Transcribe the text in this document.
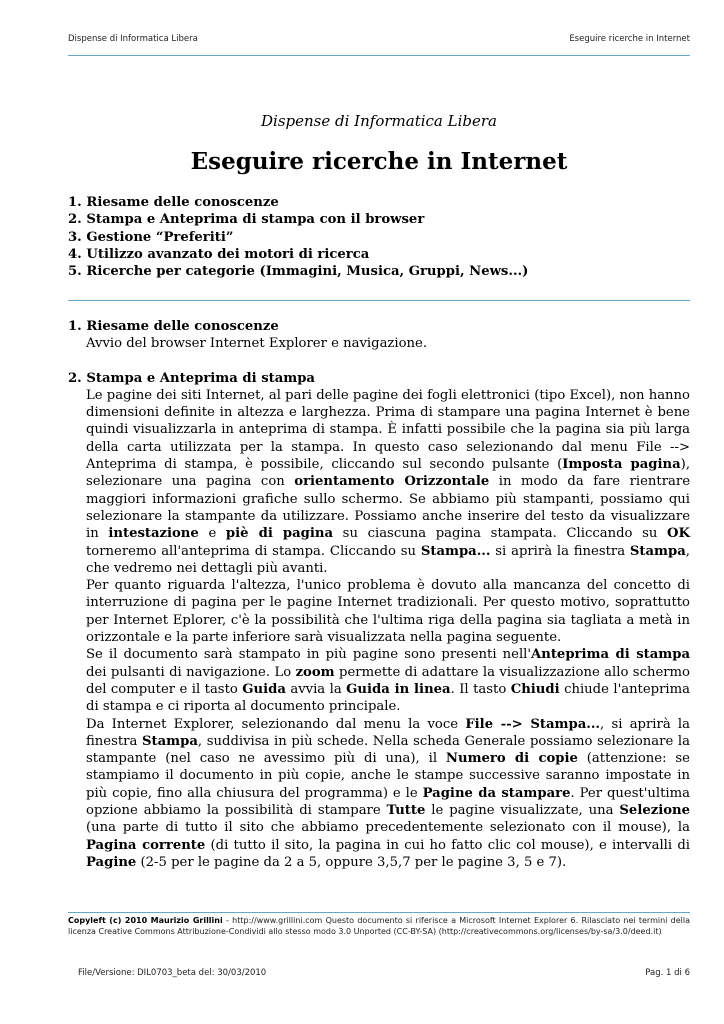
Dispense di Informatica Libera	Eseguire ricerche in Internet
Dispense di Informatica Libera
Eseguire ricerche in Internet
1. Riesame delle conoscenze
2. Stampa e Anteprima di stampa con il browser
3. Gestione “Preferiti”
4. Utilizzo avanzato dei motori di ricerca
5. Ricerche per categorie (Immagini, Musica, Gruppi, News...)
1. Riesame delle conoscenze
Avvio del browser Internet Explorer e navigazione.
2. Stampa e Anteprima di stampa

Le pagine dei siti Internet, al pari delle pagine dei fogli elettronici (tipo Excel), non hanno dimensioni definite in altezza e larghezza. Prima di stampare una pagina Internet è bene quindi visualizzarla in anteprima di stampa. È infatti possibile che la pagina sia più larga della carta utilizzata per la stampa. In questo caso selezionando dal menu File --> Anteprima di stampa, è possibile, cliccando sul secondo pulsante (Imposta pagina), selezionare una pagina con orientamento Orizzontale in modo da fare rientrare maggiori informazioni grafiche sullo schermo. Se abbiamo più stampanti, possiamo qui selezionare la stampante da utilizzare. Possiamo anche inserire del testo da visualizzare in intestazione e piè di pagina su ciascuna pagina stampata. Cliccando su OK torneremo all'anteprima di stampa. Cliccando su Stampa... si aprirà la finestra Stampa, che vedremo nei dettagli più avanti.

Per quanto riguarda l'altezza, l'unico problema è dovuto alla mancanza del concetto di interruzione di pagina per le pagine Internet tradizionali. Per questo motivo, soprattutto per Internet Eplorer, c'è la possibilità che l'ultima riga della pagina sia tagliata a metà in orizzontale e la parte inferiore sarà visualizzata nella pagina seguente.

Se il documento sarà stampato in più pagine sono presenti nell'Anteprima di stampa dei pulsanti di navigazione. Lo zoom permette di adattare la visualizzazione allo schermo del computer e il tasto Guida avvia la Guida in linea. Il tasto Chiudi chiude l'anteprima di stampa e ci riporta al documento principale.

Da Internet Explorer, selezionando dal menu la voce File --> Stampa..., si aprirà la finestra Stampa, suddivisa in più schede. Nella scheda Generale possiamo selezionare la stampante (nel caso ne avessimo più di una), il Numero di copie (attenzione: se stampiamo il documento in più copie, anche le stampe successive saranno impostate in più copie, fino alla chiusura del programma) e le Pagine da stampare. Per quest'ultima opzione abbiamo la possibilità di stampare Tutte le pagine visualizzate, una Selezione (una parte di tutto il sito che abbiamo precedentemente selezionato con il mouse), la Pagina corrente (di tutto il sito, la pagina in cui ho fatto clic col mouse), e intervalli di Pagine (2-5 per le pagine da 2 a 5, oppure 3,5,7 per le pagine 3, 5 e 7).

Copyleft (c) 2010 Maurizio Grillini - http://www.grillini.com Questo documento si riferisce a Microsoft Internet Explorer 6. Rilasciato nei termini della licenza Creative Commons Attribuzione-Condividi allo stesso modo 3.0 Unported (CC-BY-SA) (http://creativecommons.org/licenses/by-sa/3.0/deed.it)
File/Versione: DIL0703_beta del: 30/03/2010	Pag. 1 di 6
